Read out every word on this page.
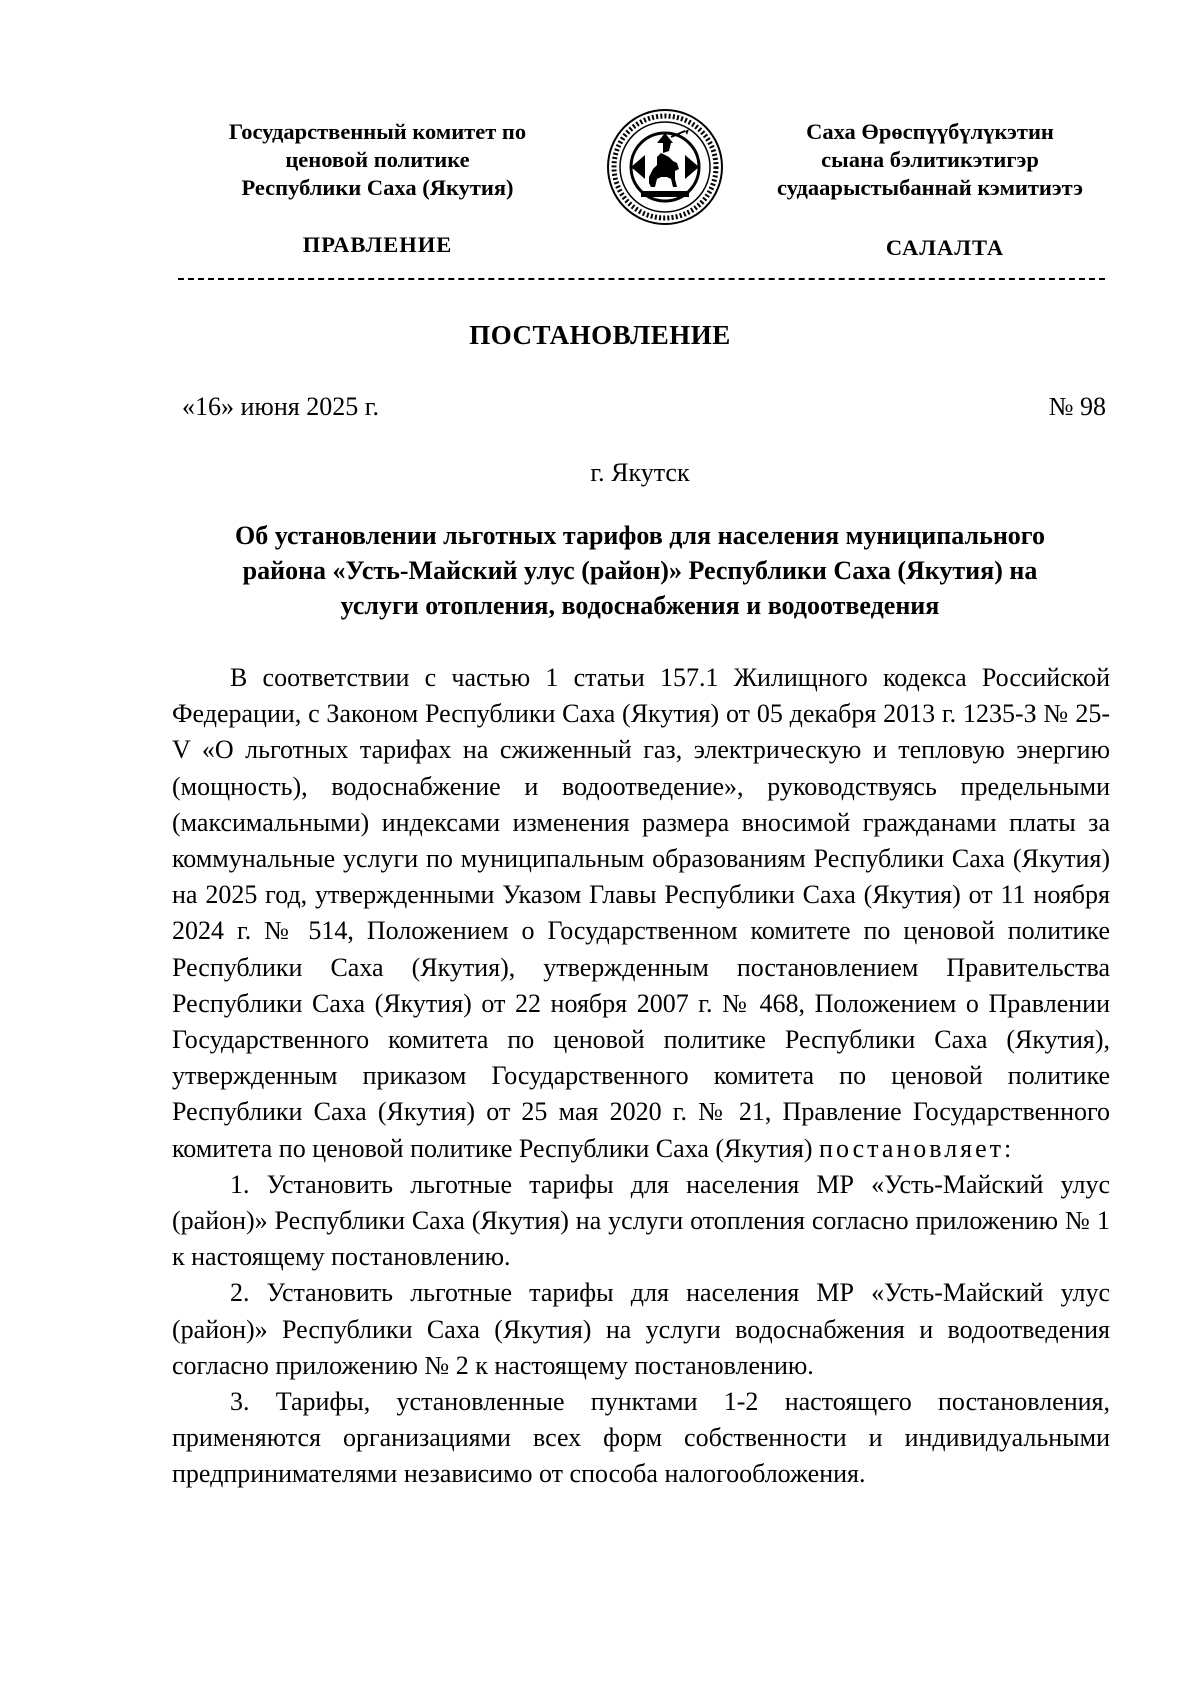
Государственный комитет по
ценовой политике
Республики Саха (Якутия)
Саха Өрөспүүбүлүкэтин
сыана бэлитикэтигэр
судаарыстыбаннай кэмитиэтэ
ПРАВЛЕНИЕ	САЛАЛТА
ПОСТАНОВЛЕНИЕ
«16» июня 2025 г.	№ 98
г. Якутск
Об установлении льготных тарифов для населения муниципального
района «Усть-Майский улус (район)» Республики Саха (Якутия) на
услуги отопления, водоснабжения и водоотведения

В соответствии с частью 1 статьи 157.1 Жилищного кодекса Российской Федерации, с Законом Республики Саха (Якутия) от 05 декабря 2013 г. 1235-З № 25-V «О льготных тарифах на сжиженный газ, электрическую и тепловую энергию (мощность), водоснабжение и водоотведение», руководствуясь предельными (максимальными) индексами изменения размера вносимой гражданами платы за коммунальные услуги по муниципальным образованиям Республики Саха (Якутия) на 2025 год, утвержденными Указом Главы Республики Саха (Якутия) от 11 ноября 2024 г. № 514, Положением о Государственном комитете по ценовой политике Республики Саха (Якутия), утвержденным постановлением Правительства Республики Саха (Якутия) от 22 ноября 2007 г. № 468, Положением о Правлении Государственного комитета по ценовой политике Республики Саха (Якутия), утвержденным приказом Государственного комитета по ценовой политике Республики Саха (Якутия) от 25 мая 2020 г. № 21, Правление Государственного комитета по ценовой политике Республики Саха (Якутия) постановляет:

1. Установить льготные тарифы для населения МР «Усть-Майский улус (район)» Республики Саха (Якутия) на услуги отопления согласно приложению № 1 к настоящему постановлению.

2. Установить льготные тарифы для населения МР «Усть-Майский улус (район)» Республики Саха (Якутия) на услуги водоснабжения и водоотведения согласно приложению № 2 к настоящему постановлению.

3. Тарифы, установленные пунктами 1-2 настоящего постановления, применяются организациями всех форм собственности и индивидуальными предпринимателями независимо от способа налогообложения.
